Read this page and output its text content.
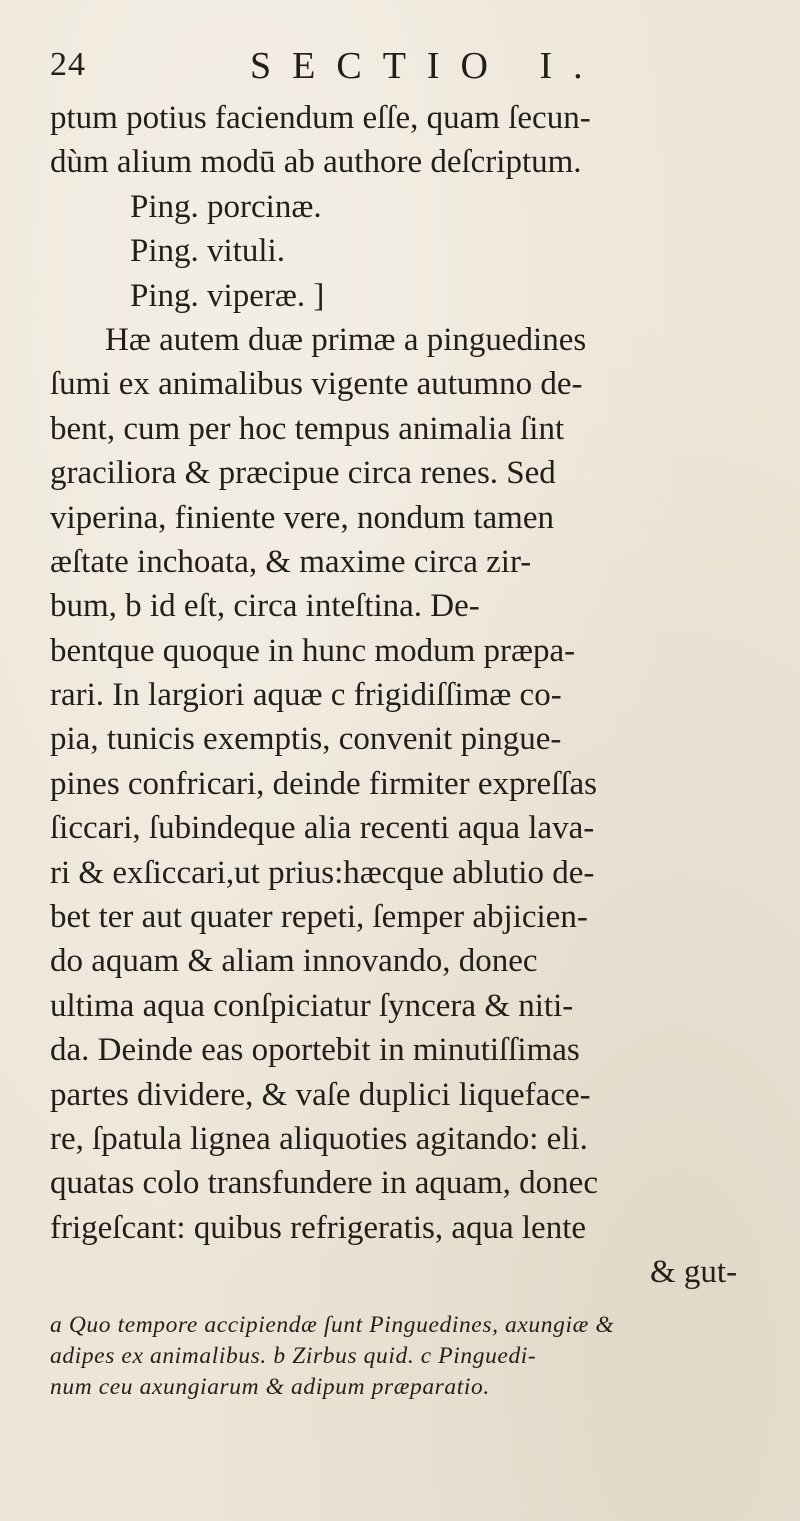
24	SECTIO I.
ptum potius faciendum eſſe, quam ſecun-
dùm alium modū ab authore deſcriptum.
Ping. porcinæ.
Ping. vituli.
Ping. viperæ. ]
Hæ autem duæ primæ a pinguedines
ſumi ex animalibus vigente autumno de-
bent, cum per hoc tempus animalia ſint
graciliora & præcipue circa renes. Sed
viperina, finiente vere, nondum tamen
æſtate inchoata, & maxime circa zir-
bum, b id eſt, circa inteſtina. De-
bentque quoque in hunc modum præpa-
rari. In largiori aquæ c frigidiſſimæ co-
pia, tunicis exemptis, convenit pingue-
pines confricari, deinde firmiter expreſſas
ſiccari, ſubindeque alia recenti aqua lava-
ri & exſiccari,ut prius:hæcque ablutio de-
bet ter aut quater repeti, ſemper abjicien-
do aquam & aliam innovando, donec
ultima aqua conſpiciatur ſyncera & niti-
da. Deinde eas oportebit in minutiſſimas
partes dividere, & vaſe duplici liquefacе-
re, ſpatula lignea aliquoties agitando: eli.
quatas colo transfundere in aquam, donec
frigeſcant: quibus refrigeratis, aqua lente
& gut-
a Quo tempore accipiendæ ſunt Pinguedines, axungiæ &
adipes ex animalibus. b Zirbus quid. c Pinguedi-
num ceu axungiarum & adipum præparatio.
